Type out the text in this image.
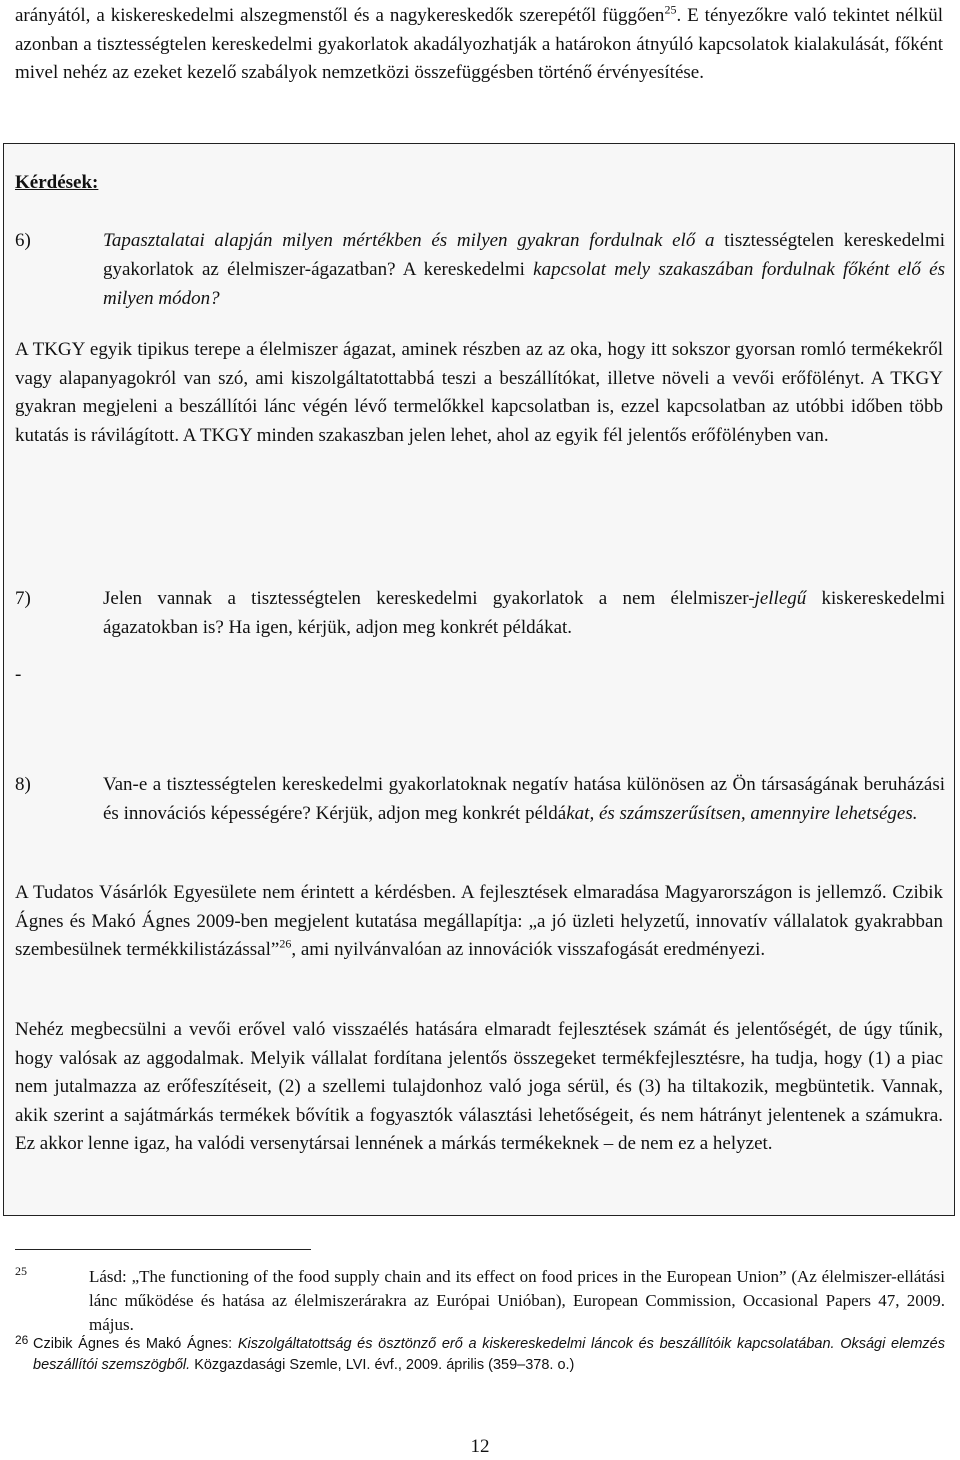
arányától, a kiskereskedelmi alszegmenstől és a nagykereskedők szerepétől függően$^{25}$. E tényezőkre való tekintet nélkül azonban a tisztességtelen kereskedelmi gyakorlatok akadályozhatják a határokon átnyúló kapcsolatok kialakulását, főként mivel nehéz az ezeket kezelő szabályok nemzetközi összefüggésben történő érvényesítése.
Kérdések:
6)	Tapasztalatai alapján milyen mértékben és milyen gyakran fordulnak elő a tisztességtelen kereskedelmi gyakorlatok az élelmiszer-ágazatban? A kereskedelmi kapcsolat mely szakaszában fordulnak főként elő és milyen módon?
A TKGY egyik tipikus terepe a élelmiszer ágazat, aminek részben az az oka, hogy itt sokszor gyorsan romló termékekről vagy alapanyagokról van szó, ami kiszolgáltatottabbá teszi a beszállítókat, illetve növeli a vevői erőfölényt. A TKGY gyakran megjeleni a beszállítói lánc végén lévő termelőkkel kapcsolatban is, ezzel kapcsolatban az utóbbi időben több kutatás is rávilágított. A TKGY minden szakaszban jelen lehet, ahol az egyik fél jelentős erőfölényben van.
7)	Jelen vannak a tisztességtelen kereskedelmi gyakorlatok a nem élelmiszer-jellegű kiskereskedelmi ágazatokban is? Ha igen, kérjük, adjon meg konkrét példákat.
-
8)	Van-e a tisztességtelen kereskedelmi gyakorlatoknak negatív hatása különösen az Ön társaságának beruházási és innovációs képességére? Kérjük, adjon meg konkrét példákat, és számszerűsítsen, amennyire lehetséges.
A Tudatos Vásárlók Egyesülete nem érintett a kérdésben. A fejlesztések elmaradása Magyarországon is jellemző. Czibik Ágnes és Makó Ágnes 2009-ben megjelent kutatása megállapítja: „a jó üzleti helyzetű, innovatív vállalatok gyakrabban szembesülnek termékkilistázással”$^{26}$, ami nyilvánvalóan az innovációk visszafogását eredményezi.
Nehéz megbecsülni a vevői erővel való visszaélés hatására elmaradt fejlesztések számát és jelentőségét, de úgy tűnik, hogy valósak az aggodalmak. Melyik vállalat fordítana jelentős összegeket termékfejlesztésre, ha tudja, hogy (1) a piac nem jutalmazza az erőfeszítéseit, (2) a szellemi tulajdonhoz való joga sérül, és (3) ha tiltakozik, megbüntetik. Vannak, akik szerint a sajátmárkás termékek bővítik a fogyasztók választási lehetőségeit, és nem hátrányt jelentenek a számukra. Ez akkor lenne igaz, ha valódi versenytársai lennének a márkás termékeknek – de nem ez a helyzet.
25	Lásd: „The functioning of the food supply chain and its effect on food prices in the European Union” (Az élelmiszer-ellátási lánc működése és hatása az élelmiszerárakra az Európai Unióban), European Commission, Occasional Papers 47, 2009. május.
26 Czibik Ágnes és Makó Ágnes: Kiszolgáltatottság és ösztönző erő a kiskereskedelmi láncok és beszállítóik kapcsolatában. Oksági elemzés beszállítói szemszögből. Közgazdasági Szemle, LVI. évf., 2009. április (359–378. o.)
12
